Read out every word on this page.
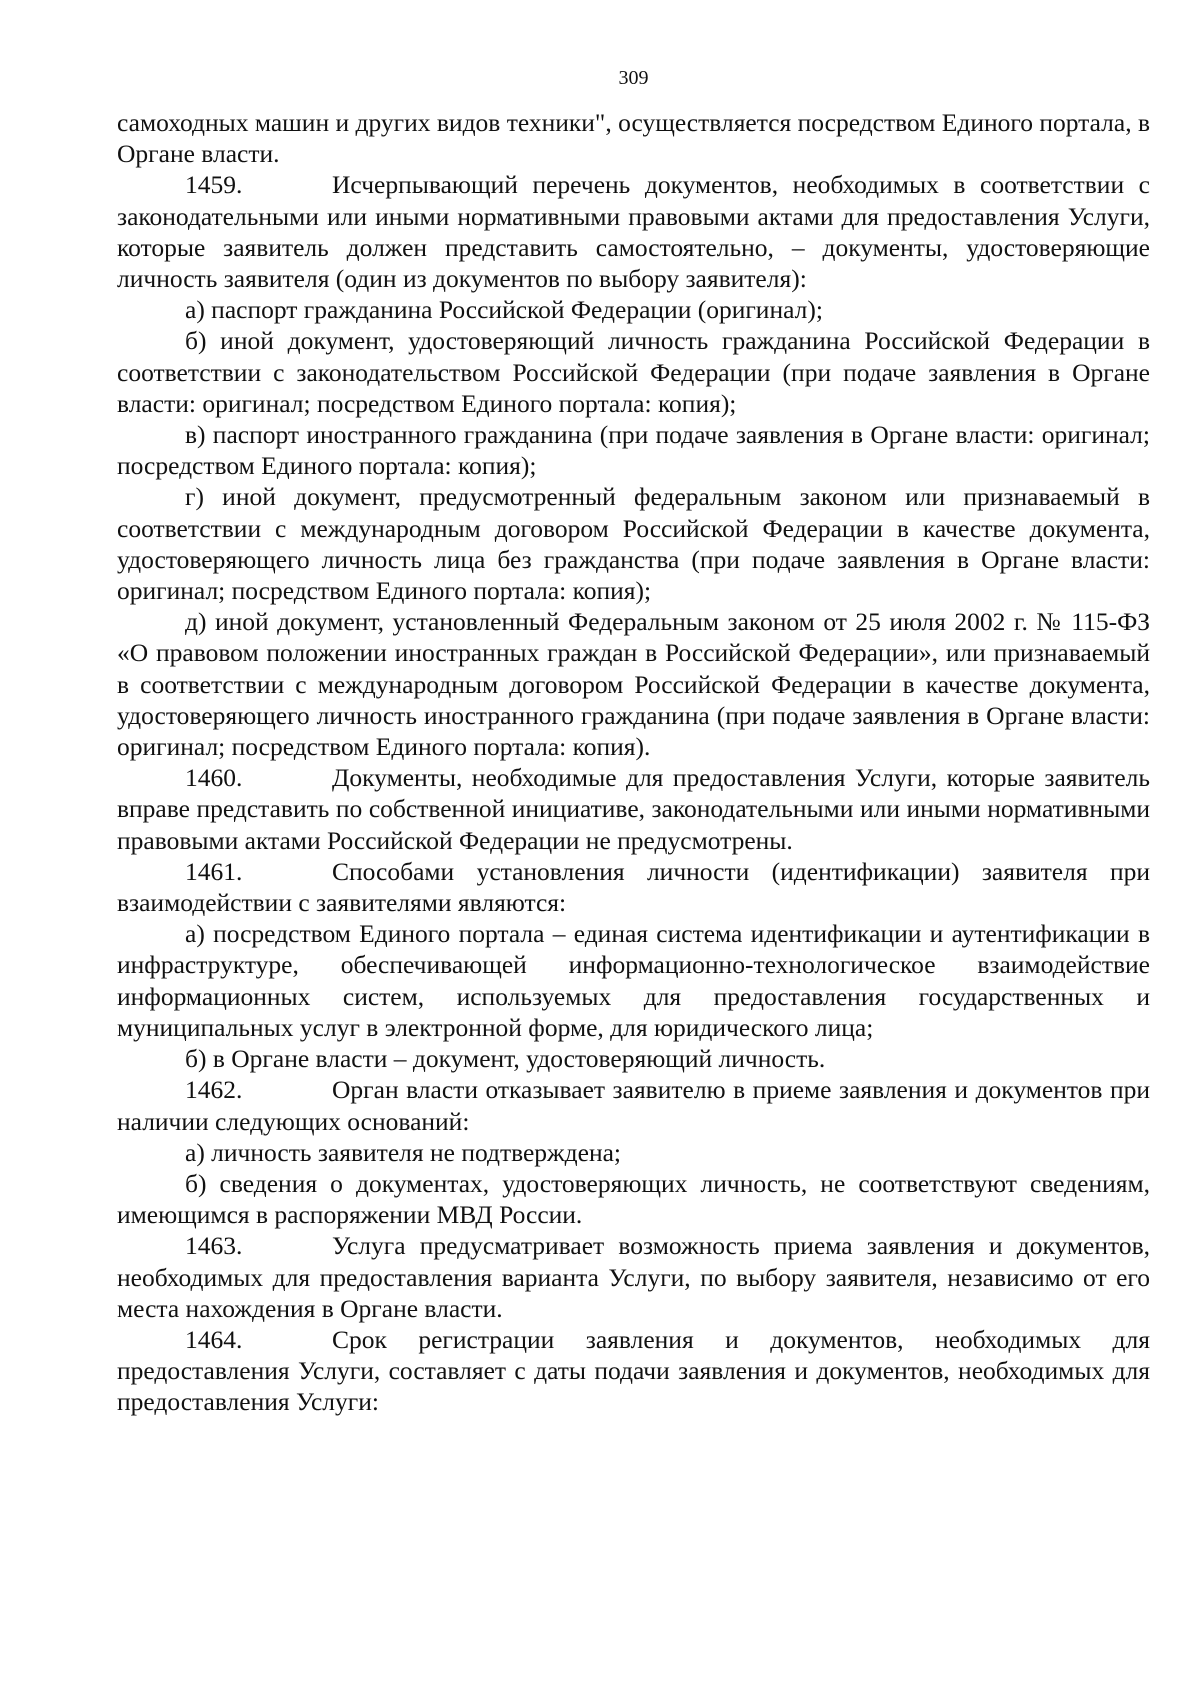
309

самоходных машин и других видов техники", осуществляется посредством Единого портала, в Органе власти.

1459.	Исчерпывающий перечень документов, необходимых в соответствии с законодательными или иными нормативными правовыми актами для предоставления Услуги, которые заявитель должен представить самостоятельно, – документы, удостоверяющие личность заявителя (один из документов по выбору заявителя):

а) паспорт гражданина Российской Федерации (оригинал);

б) иной документ, удостоверяющий личность гражданина Российской Федерации в соответствии с законодательством Российской Федерации (при подаче заявления в Органе власти: оригинал; посредством Единого портала: копия);

в) паспорт иностранного гражданина (при подаче заявления в Органе власти: оригинал; посредством Единого портала: копия);

г) иной документ, предусмотренный федеральным законом или признаваемый в соответствии с международным договором Российской Федерации в качестве документа, удостоверяющего личность лица без гражданства (при подаче заявления в Органе власти: оригинал; посредством Единого портала: копия);

д) иной документ, установленный Федеральным законом от 25 июля 2002 г. № 115-ФЗ «О правовом положении иностранных граждан в Российской Федерации», или признаваемый в соответствии с международным договором Российской Федерации в качестве документа, удостоверяющего личность иностранного гражданина (при подаче заявления в Органе власти: оригинал; посредством Единого портала: копия).

1460.	Документы, необходимые для предоставления Услуги, которые заявитель вправе представить по собственной инициативе, законодательными или иными нормативными правовыми актами Российской Федерации не предусмотрены.

1461.	Способами установления личности (идентификации) заявителя при взаимодействии с заявителями являются:

а) посредством Единого портала – единая система идентификации и аутентификации в инфраструктуре, обеспечивающей информационно-технологическое взаимодействие информационных систем, используемых для предоставления государственных и муниципальных услуг в электронной форме, для юридического лица;

б) в Органе власти – документ, удостоверяющий личность.

1462.	Орган власти отказывает заявителю в приеме заявления и документов при наличии следующих оснований:

а) личность заявителя не подтверждена;

б) сведения о документах, удостоверяющих личность, не соответствуют сведениям, имеющимся в распоряжении МВД России.

1463.	Услуга предусматривает возможность приема заявления и документов, необходимых для предоставления варианта Услуги, по выбору заявителя, независимо от его места нахождения в Органе власти.

1464.	Срок регистрации заявления и документов, необходимых для предоставления Услуги, составляет с даты подачи заявления и документов, необходимых для предоставления Услуги:
